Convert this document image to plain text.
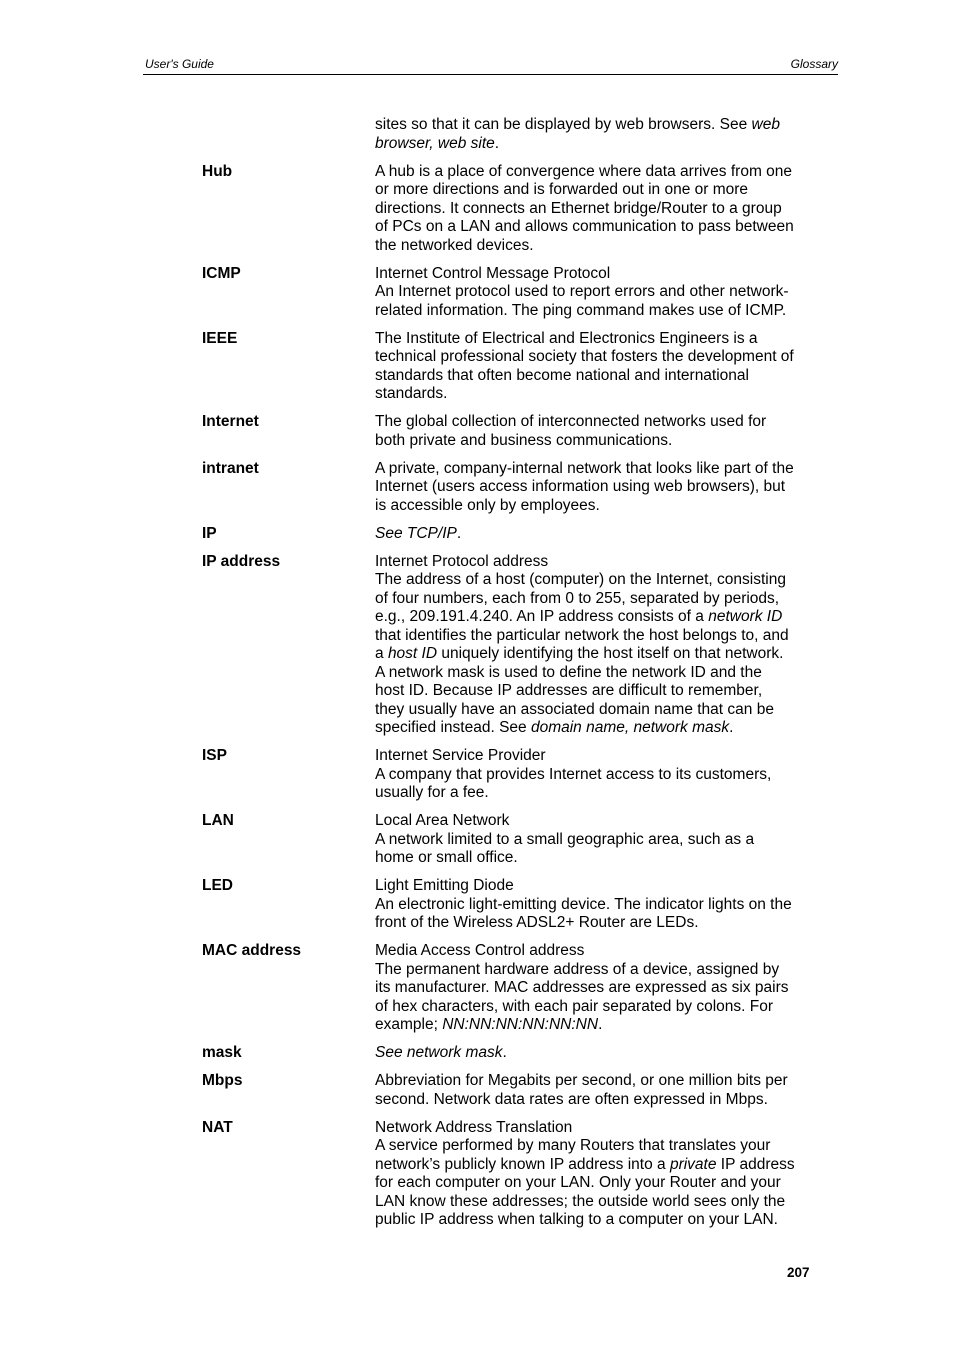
User's Guide	Glossary
sites so that it can be displayed by web browsers. See web
browser, web site.
Hub	A hub is a place of convergence where data arrives from one
or more directions and is forwarded out in one or more
directions. It connects an Ethernet bridge/Router to a group
of PCs on a LAN and allows communication to pass between
the networked devices.
ICMP	Internet Control Message Protocol
An Internet protocol used to report errors and other network-
related information. The ping command makes use of ICMP.
IEEE	The Institute of Electrical and Electronics Engineers is a
technical professional society that fosters the development of
standards that often become national and international
standards.
Internet	The global collection of interconnected networks used for
both private and business communications.
intranet	A private, company-internal network that looks like part of the
Internet (users access information using web browsers), but
is accessible only by employees.
IP	See TCP/IP.
IP address	Internet Protocol address
The address of a host (computer) on the Internet, consisting
of four numbers, each from 0 to 255, separated by periods,
e.g., 209.191.4.240. An IP address consists of a network ID
that identifies the particular network the host belongs to, and
a host ID uniquely identifying the host itself on that network.
A network mask is used to define the network ID and the
host ID. Because IP addresses are difficult to remember,
they usually have an associated domain name that can be
specified instead. See domain name, network mask.
ISP	Internet Service Provider
A company that provides Internet access to its customers,
usually for a fee.
LAN	Local Area Network
A network limited to a small geographic area, such as a
home or small office.
LED	Light Emitting Diode
An electronic light-emitting device. The indicator lights on the
front of the Wireless ADSL2+ Router are LEDs.
MAC address	Media Access Control address
The permanent hardware address of a device, assigned by
its manufacturer. MAC addresses are expressed as six pairs
of hex characters, with each pair separated by colons. For
example; NN:NN:NN:NN:NN:NN.
mask	See network mask.
Mbps	Abbreviation for Megabits per second, or one million bits per
second. Network data rates are often expressed in Mbps.
NAT	Network Address Translation
A service performed by many Routers that translates your
network’s publicly known IP address into a private IP address
for each computer on your LAN. Only your Router and your
LAN know these addresses; the outside world sees only the
public IP address when talking to a computer on your LAN.
207
